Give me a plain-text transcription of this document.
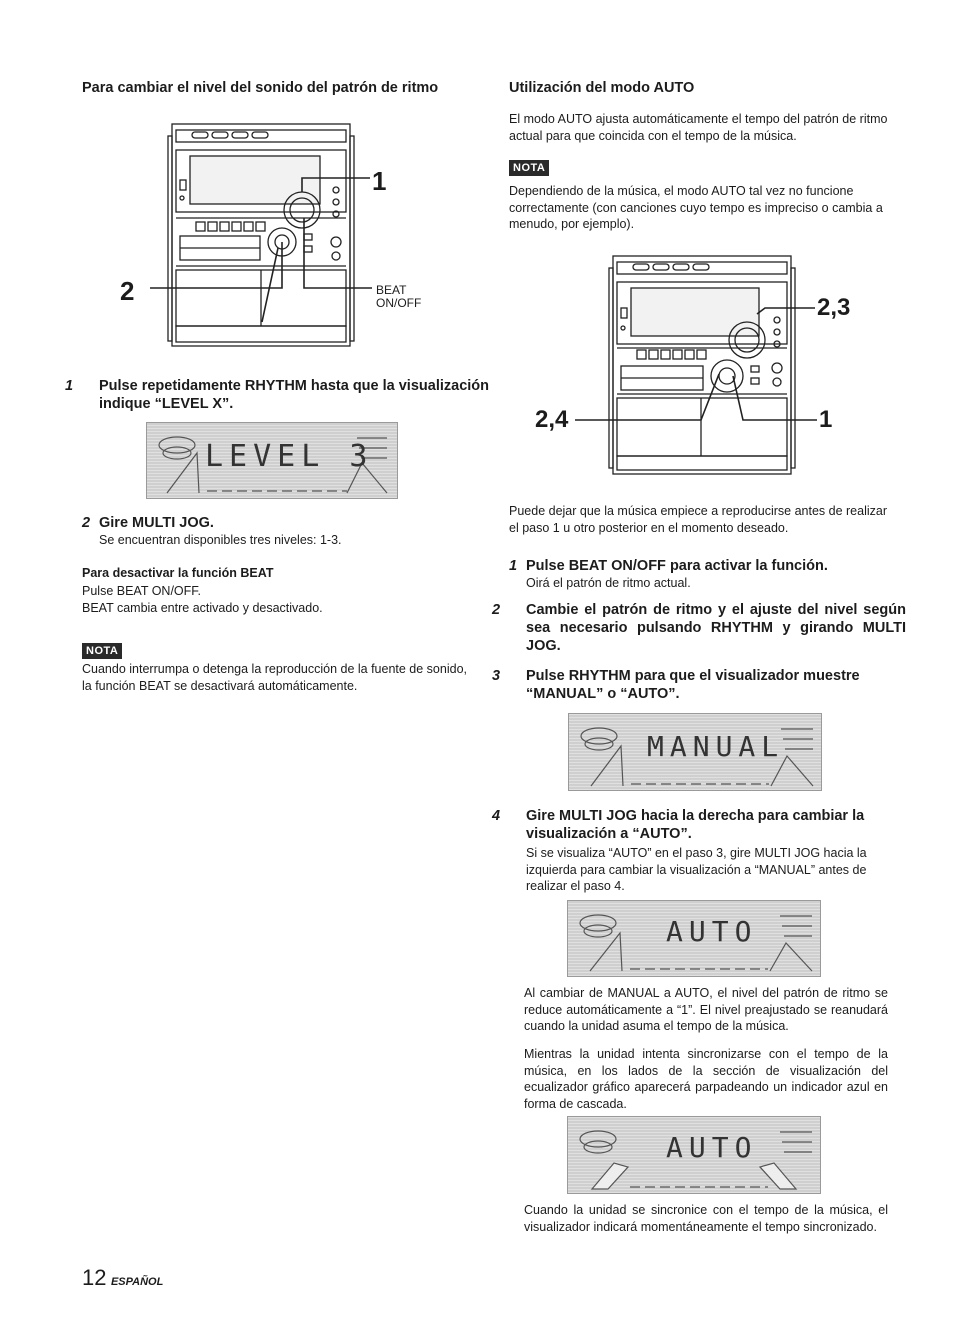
Para cambiar el nivel del sonido del patrón de ritmo
1
2	BEAT
ON/OFF
1 Pulse repetidamente RHYTHM hasta que la visualización indique “LEVEL X”.
LEVEL 3
2 Gire MULTI JOG.
Se encuentran disponibles tres niveles: 1-3.
Para desactivar la función BEAT
Pulse BEAT ON/OFF.
BEAT cambia entre activado y desactivado.
NOTA
Cuando interrumpa o detenga la reproducción de la fuente de sonido, la función BEAT se desactivará automáticamente.
Utilización del modo AUTO
El modo AUTO ajusta automáticamente el tempo del patrón de ritmo actual para que coincida con el tempo de la música.
NOTA
Dependiendo de la música, el modo AUTO tal vez no funcione correctamente (con canciones cuyo tempo es impreciso o cambia a menudo, por ejemplo).
2,3
2,4	1
Puede dejar que la música empiece a reproducirse antes de realizar el paso 1 u otro posterior en el momento deseado.
1 Pulse BEAT ON/OFF para activar la función.
Oirá el patrón de ritmo actual.
2 Cambie el patrón de ritmo y el ajuste del nivel según sea necesario pulsando RHYTHM y girando MULTI JOG.
3 Pulse RHYTHM para que el visualizador muestre “MANUAL” o “AUTO”.
MANUAL
4 Gire MULTI JOG hacia la derecha para cambiar la visualización a “AUTO”.
Si se visualiza “AUTO” en el paso 3, gire MULTI JOG hacia la izquierda para cambiar la visualización a “MANUAL” antes de realizar el paso 4.
AUTO
Al cambiar de MANUAL a AUTO, el nivel del patrón de ritmo se reduce automáticamente a “1”. El nivel preajustado se reanudará cuando la unidad asuma el tempo de la música.
Mientras la unidad intenta sincronizarse con el tempo de la música, en los lados de la sección de visualización del ecualizador gráfico aparecerá parpadeando un indicador azul en forma de cascada.
AUTO
Cuando la unidad se sincronice con el tempo de la música, el visualizador indicará momentáneamente el tempo sincronizado.
12 ESPAÑOL
